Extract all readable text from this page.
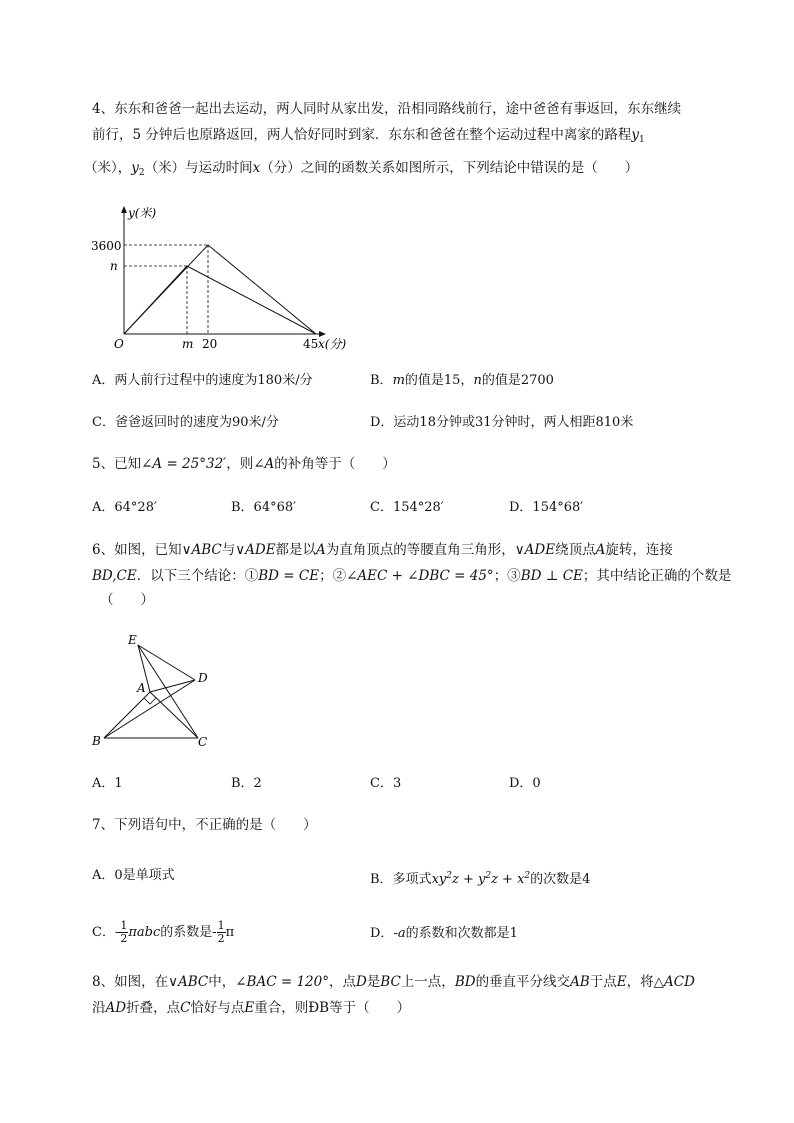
4、东东和爸爸一起出去运动，两人同时从家出发，沿相同路线前行，途中爸爸有事返回，东东继续
前行，5 分钟后也原路返回，两人恰好同时到家．东东和爸爸在整个运动过程中离家的路程$y_1$
（米），$y_2$（米）与运动时间x（分）之间的函数关系如图所示，下列结论中错误的是（　　）
y(米)
3600
n
O	m 20	45 x(分)
A．两人前行过程中的速度为180米/分	B．m的值是15，n的值是2700
C．爸爸返回时的速度为90米/分	D．运动18分钟或31分钟时，两人相距810米
5、已知∠A = 25°32′，则∠A的补角等于（　　）
A．64°28′	B．64°68′	C．154°28′	D．154°68′
6、如图，已知∨ABC与∨ADE都是以A为直角顶点的等腰直角三角形，∨ADE绕顶点A旋转，连接
BD,CE．以下三个结论：①BD = CE；②∠AEC + ∠DBC = 45°；③BD ⊥ CE；其中结论正确的个数是
（　　）
E
D
A
B	C
A．1	B．2	C．3	D．0
7、下列语句中，不正确的是（　　）
A．0是单项式	B．多项式$xy^2z + y^2z + x^2$的次数是4
C．- $\frac{1}{2}$ πabc的系数是- $\frac{1}{2}$ π	D．-a的系数和次数都是1
8、如图，在∨ABC中，∠BAC = 120°，点D是BC上一点，BD的垂直平分线交AB于点E，将△ACD
沿AD折叠，点C恰好与点E重合，则ÐB等于（　　）
